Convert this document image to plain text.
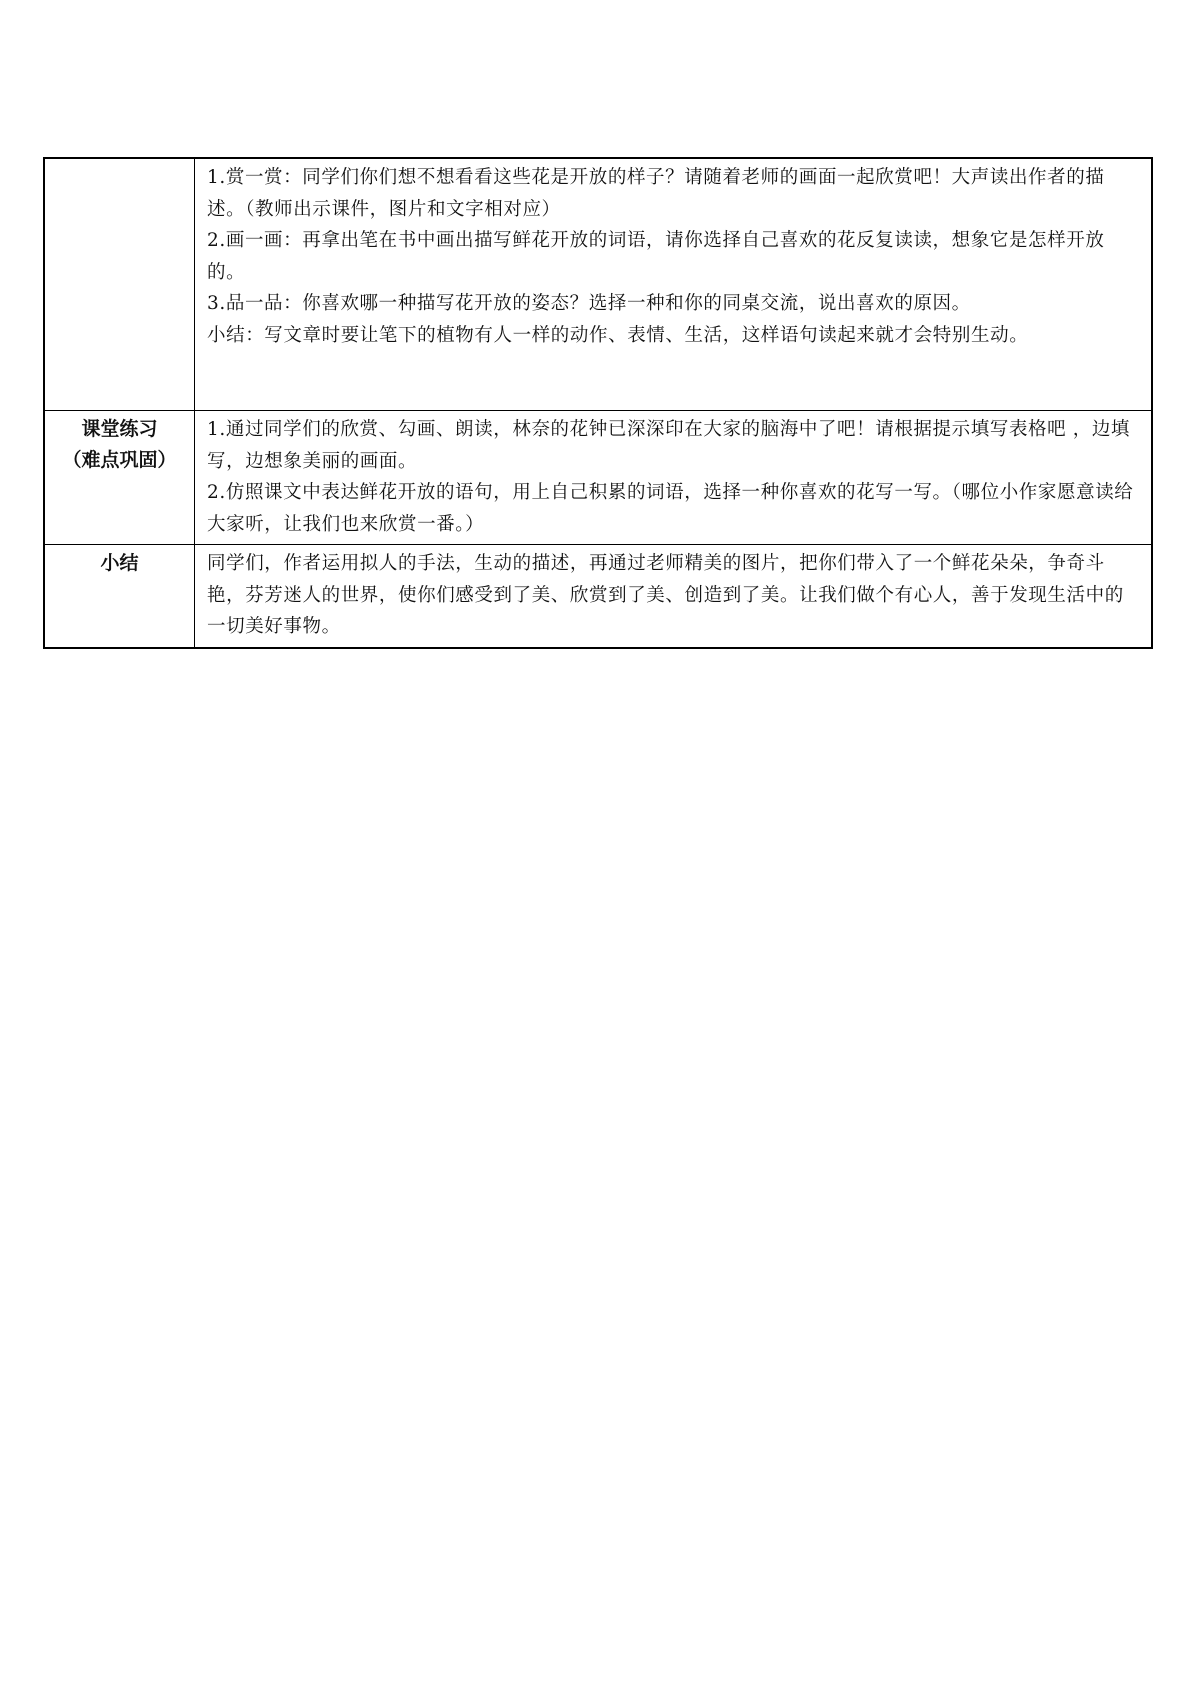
	1.赏一赏：同学们你们想不想看看这些花是开放的样子？请随着老师的画面一起欣赏吧！大声读出作者的描述。（教师出示课件，图片和文字相对应）
2.画一画：再拿出笔在书中画出描写鲜花开放的词语，请你选择自己喜欢的花反复读读，想象它是怎样开放的。
3.品一品：你喜欢哪一种描写花开放的姿态？选择一种和你的同桌交流，说出喜欢的原因。
小结：写文章时要让笔下的植物有人一样的动作、表情、生活，这样语句读起来就才会特别生动。

课堂练习
（难点巩固）	1.通过同学们的欣赏、勾画、朗读，林奈的花钟已深深印在大家的脑海中了吧！请根据提示填写表格吧 ，边填写，边想象美丽的画面。
2.仿照课文中表达鲜花开放的语句，用上自己积累的词语，选择一种你喜欢的花写一写。（哪位小作家愿意读给大家听，让我们也来欣赏一番。）

小结	同学们，作者运用拟人的手法，生动的描述，再通过老师精美的图片，把你们带入了一个鲜花朵朵，争奇斗艳，芬芳迷人的世界，使你们感受到了美、欣赏到了美、创造到了美。让我们做个有心人，善于发现生活中的一切美好事物。
